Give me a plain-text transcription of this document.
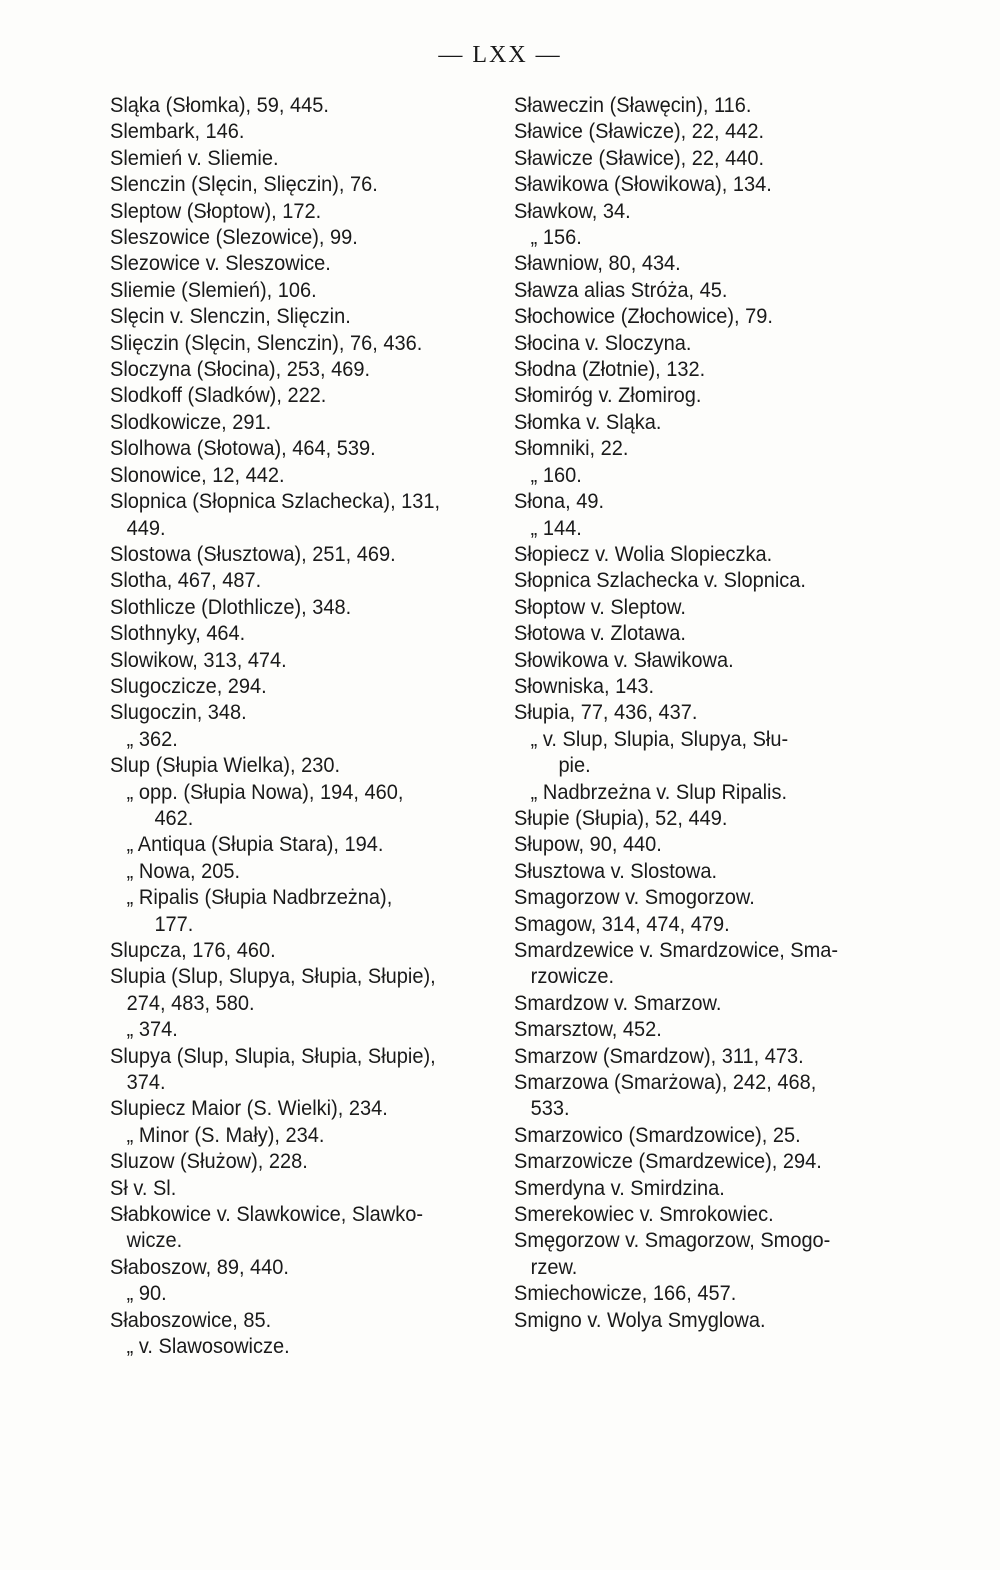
— LXX —
Sląka (Słomka), 59, 445.
Slembark, 146.
Slemień v. Sliemie.
Slenczin (Slęcin, Slięczin), 76.
Sleptow (Słoptow), 172.
Sleszowice (Slezowice), 99.
Slezowice v. Sleszowice.
Sliemie (Slemień), 106.
Slęcin v. Slenczin, Slięczin.
Slięczin (Slęcin, Slenczin), 76, 436.
Sloczyna (Słocina), 253, 469.
Slodkoff (Sladków), 222.
Slodkowicze, 291.
Slolhowa (Słotowa), 464, 539.
Slonowice, 12, 442.
Slopnica (Słopnica Szlachecka), 131,
449.
Slostowa (Słusztowa), 251, 469.
Slotha, 467, 487.
Slothlicze (Dlothlicze), 348.
Slothnyky, 464.
Slowikow, 313, 474.
Slugoczicze, 294.
Slugoczin, 348.
„ 362.
Slup (Słupia Wielka), 230.
„ opp. (Słupia Nowa), 194, 460,
462.
„ Antiqua (Słupia Stara), 194.
„ Nowa, 205.
„ Ripalis (Słupia Nadbrzeżna),
177.
Slupcza, 176, 460.
Slupia (Slup, Slupya, Słupia, Słupie),
274, 483, 580.
„ 374.
Slupya (Slup, Slupia, Słupia, Słupie),
374.
Slupiecz Maior (S. Wielki), 234.
„ Minor (S. Mały), 234.
Sluzow (Służow), 228.
Sł v. Sl.
Słabkowice v. Slawkowice, Slawko-
wicze.
Słaboszow, 89, 440.
„ 90.
Słaboszowice, 85.
„ v. Slawosowicze.
Sławeczin (Sławęcin), 116.
Sławice (Sławicze), 22, 442.
Sławicze (Sławice), 22, 440.
Sławikowa (Słowikowa), 134.
Sławkow, 34.
„ 156.
Sławniow, 80, 434.
Sławza alias Stróża, 45.
Słochowice (Złochowice), 79.
Słocina v. Sloczyna.
Słodna (Złotnie), 132.
Słomiróg v. Złomirog.
Słomka v. Sląka.
Słomniki, 22.
„ 160.
Słona, 49.
„ 144.
Słopiecz v. Wolia Slopieczka.
Słopnica Szlachecka v. Slopnica.
Słoptow v. Sleptow.
Słotowa v. Zlotawa.
Słowikowa v. Sławikowa.
Słowniska, 143.
Słupia, 77, 436, 437.
„ v. Slup, Slupia, Slupya, Słu-
pie.
„ Nadbrzeżna v. Slup Ripalis.
Słupie (Słupia), 52, 449.
Słupow, 90, 440.
Słusztowa v. Slostowa.
Smagorzow v. Smogorzow.
Smagow, 314, 474, 479.
Smardzewice v. Smardzowice, Sma-
rzowicze.
Smardzow v. Smarzow.
Smarsztow, 452.
Smarzow (Smardzow), 311, 473.
Smarzowa (Smarżowa), 242, 468,
533.
Smarzowico (Smardzowice), 25.
Smarzowicze (Smardzewice), 294.
Smerdyna v. Smirdzina.
Smerekowiec v. Smrokowiec.
Smęgorzow v. Smagorzow, Smogo-
rzew.
Smiechowicze, 166, 457.
Smigno v. Wolya Smyglowa.
